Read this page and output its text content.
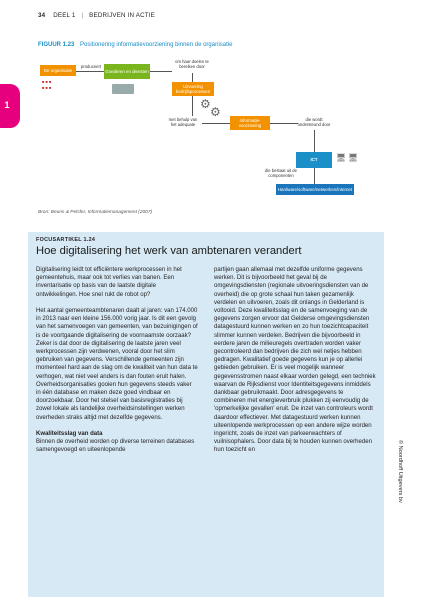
34 DEEL 1 | BEDRIJVEN IN ACTIE
1
FIGUUR 1.23 Positionering informatievoorziening binnen de organisatie
De organisatie
■ ■ ■
■ ■ ■
produceert
Goederen en diensten
om haar doelen te bereiken door
Uitvoering bedrijfsprocessen
⚙
⚙
met behulp van het adequate
Informatie-voorziening
die wordt ondersteund door
ICT	🖥 🖥
die bestaat uit de componenten
Hardware/software/netwerken/internet
Bron: Beuns & Pelsfer, Informatiemanagement (2007)
FOCUSARTIKEL 1.24
Hoe digitalisering het werk van ambtenaren verandert

Digitalisering leidt tot efficiëntere werkprocessen in het gemeentehuis, maar ook tot verlies van banen. Een inventarisatie op basis van de laatste digitale ontwikkelingen. Hoe snel rukt de robot op?

Het aantal gemeenteambtenaren daalt al jaren: van 174.000 in 2013 naar een kleine 156.000 vorig jaar. Is dit een gevolg van het samenvoegen van gemeenten, van bezuinigingen of is de voortgaande digitalisering de voornaamste oorzaak? Zeker is dat door de digitalisering de laatste jaren veel werkprocessen zijn verdwenen, vooral door het slim gebruiken van gegevens. Verschillende gemeenten zijn momenteel hard aan de slag om de kwaliteit van hun data te verhogen, wat niet veel anders is dan fouten eruit halen. Overheidsorganisaties gooien hun gegevens steeds vaker in één database en maken deze goed vindbaar en doorzoekbaar. Door het stelsel van basisregistraties bij zowel lokale als landelijke overheidsinstellingen werken overheden straks altijd met dezelfde gegevens.

Kwaliteitsslag van data

Binnen de overheid worden op diverse terreinen databases samengevoegd en uiteenlopende

partijen gaan allemaal met dezelfde uniforme gegevens werken. Dit is bijvoorbeeld het geval bij de omgevingsdiensten (regionale uitvoeringsdiensten van de overheid) die op grote schaal hun taken gezamenlijk verdelen en uitvoeren, zoals dit onlangs in Gelderland is voltooid. Deze kwaliteitsslag en de samenvoeging van de gegevens zorgen ervoor dat Gelderse omgevingsdiensten datagestuurd kunnen werken en zo hun toezichtcapaciteit slimmer kunnen verdelen. Bedrijven die bijvoorbeeld in eerdere jaren de milieuregels overtraden worden vaker gecontroleerd dan bedrijven die zich wel netjes hebben gedragen. Kwalitatief goede gegevens kun je op allerlei gebieden gebruiken. Er is veel mogelijk wanneer gegevensstromen naast elkaar worden gelegd, een techniek waarvan de Rijksdienst voor Identiteitsgegevens inmiddels dankbaar gebruikmaakt. Door adresgegevens te combineren met energieverbruik plukken zij eenvoudig de 'opmerkelijke gevallen' eruit. De inzet van controleurs wordt daardoor effectiever. Met datagestuurd werken kunnen uiteenlopende werkprocessen op een andere wijze worden ingericht, zoals de inzet van parkeerwachters of vuilnisophalers. Door data bij te houden kunnen overheden hun toezicht en	© Noordhoff Uitgevers bv
